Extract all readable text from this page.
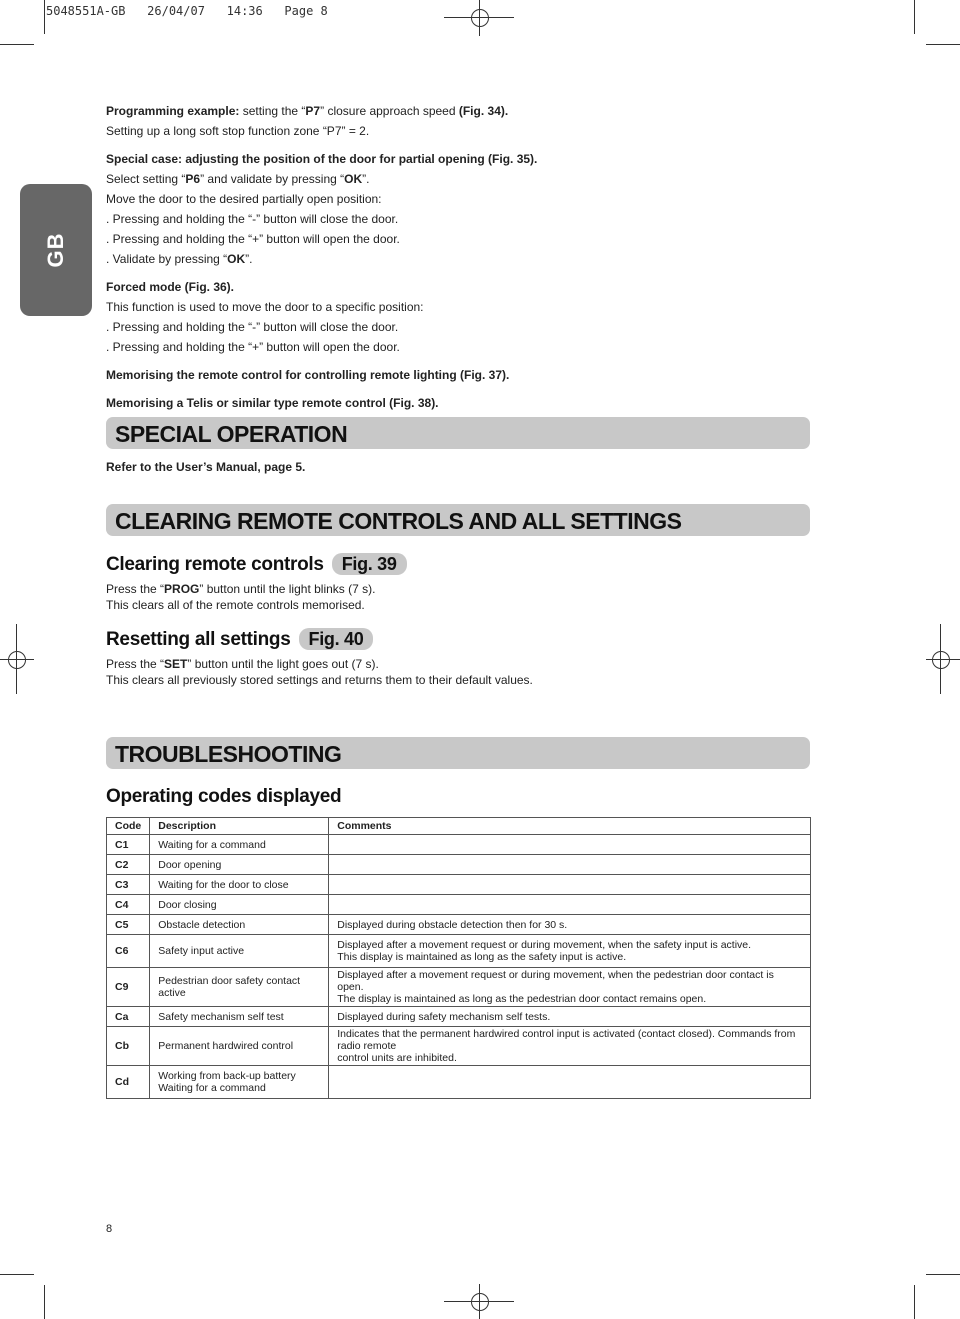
5048551A-GB   26/04/07   14:36   Page 8
GB
Programming example: setting the “P7” closure approach speed (Fig. 34).
Setting up a long soft stop function zone “P7” = 2.
Special case: adjusting the position of the door for partial opening (Fig. 35).
Select setting “P6” and validate by pressing “OK”.
Move the door to the desired partially open position:
. Pressing and holding the “-” button will close the door.
. Pressing and holding the “+” button will open the door.
. Validate by pressing “OK”.
Forced mode (Fig. 36).
This function is used to move the door to a specific position:
. Pressing and holding the “-” button will close the door.
. Pressing and holding the “+” button will open the door.
Memorising the remote control for controlling remote lighting (Fig. 37).
Memorising a Telis or similar type remote control (Fig. 38).
SPECIAL OPERATION
Refer to the User’s Manual, page 5.
CLEARING REMOTE CONTROLS AND ALL SETTINGS
Clearing remote controls Fig. 39
Press the “PROG” button until the light blinks (7 s).
This clears all of the remote controls memorised.
Resetting all settings Fig. 40
Press the “SET” button until the light goes out (7 s).
This clears all previously stored settings and returns them to their default values.
TROUBLESHOOTING
Operating codes displayed
Code	Description	Comments
C1	Waiting for a command	
C2	Door opening	
C3	Waiting for the door to close	
C4	Door closing	
C5	Obstacle detection	Displayed during obstacle detection then for 30 s.
C6	Safety input active	Displayed after a movement request or during movement, when the safety input is active.
This display is maintained as long as the safety input is active.

C9	Pedestrian door safety contact active	Displayed after a movement request or during movement, when the pedestrian door contact is open.
The display is maintained as long as the pedestrian door contact remains open.

Ca	Safety mechanism self test	Displayed during safety mechanism self tests.
Cb	Permanent hardwired control	Indicates that the permanent hardwired control input is activated (contact closed). Commands from radio remote
control units are inhibited.

Cd	Working from back-up battery
Waiting for a command	

8
